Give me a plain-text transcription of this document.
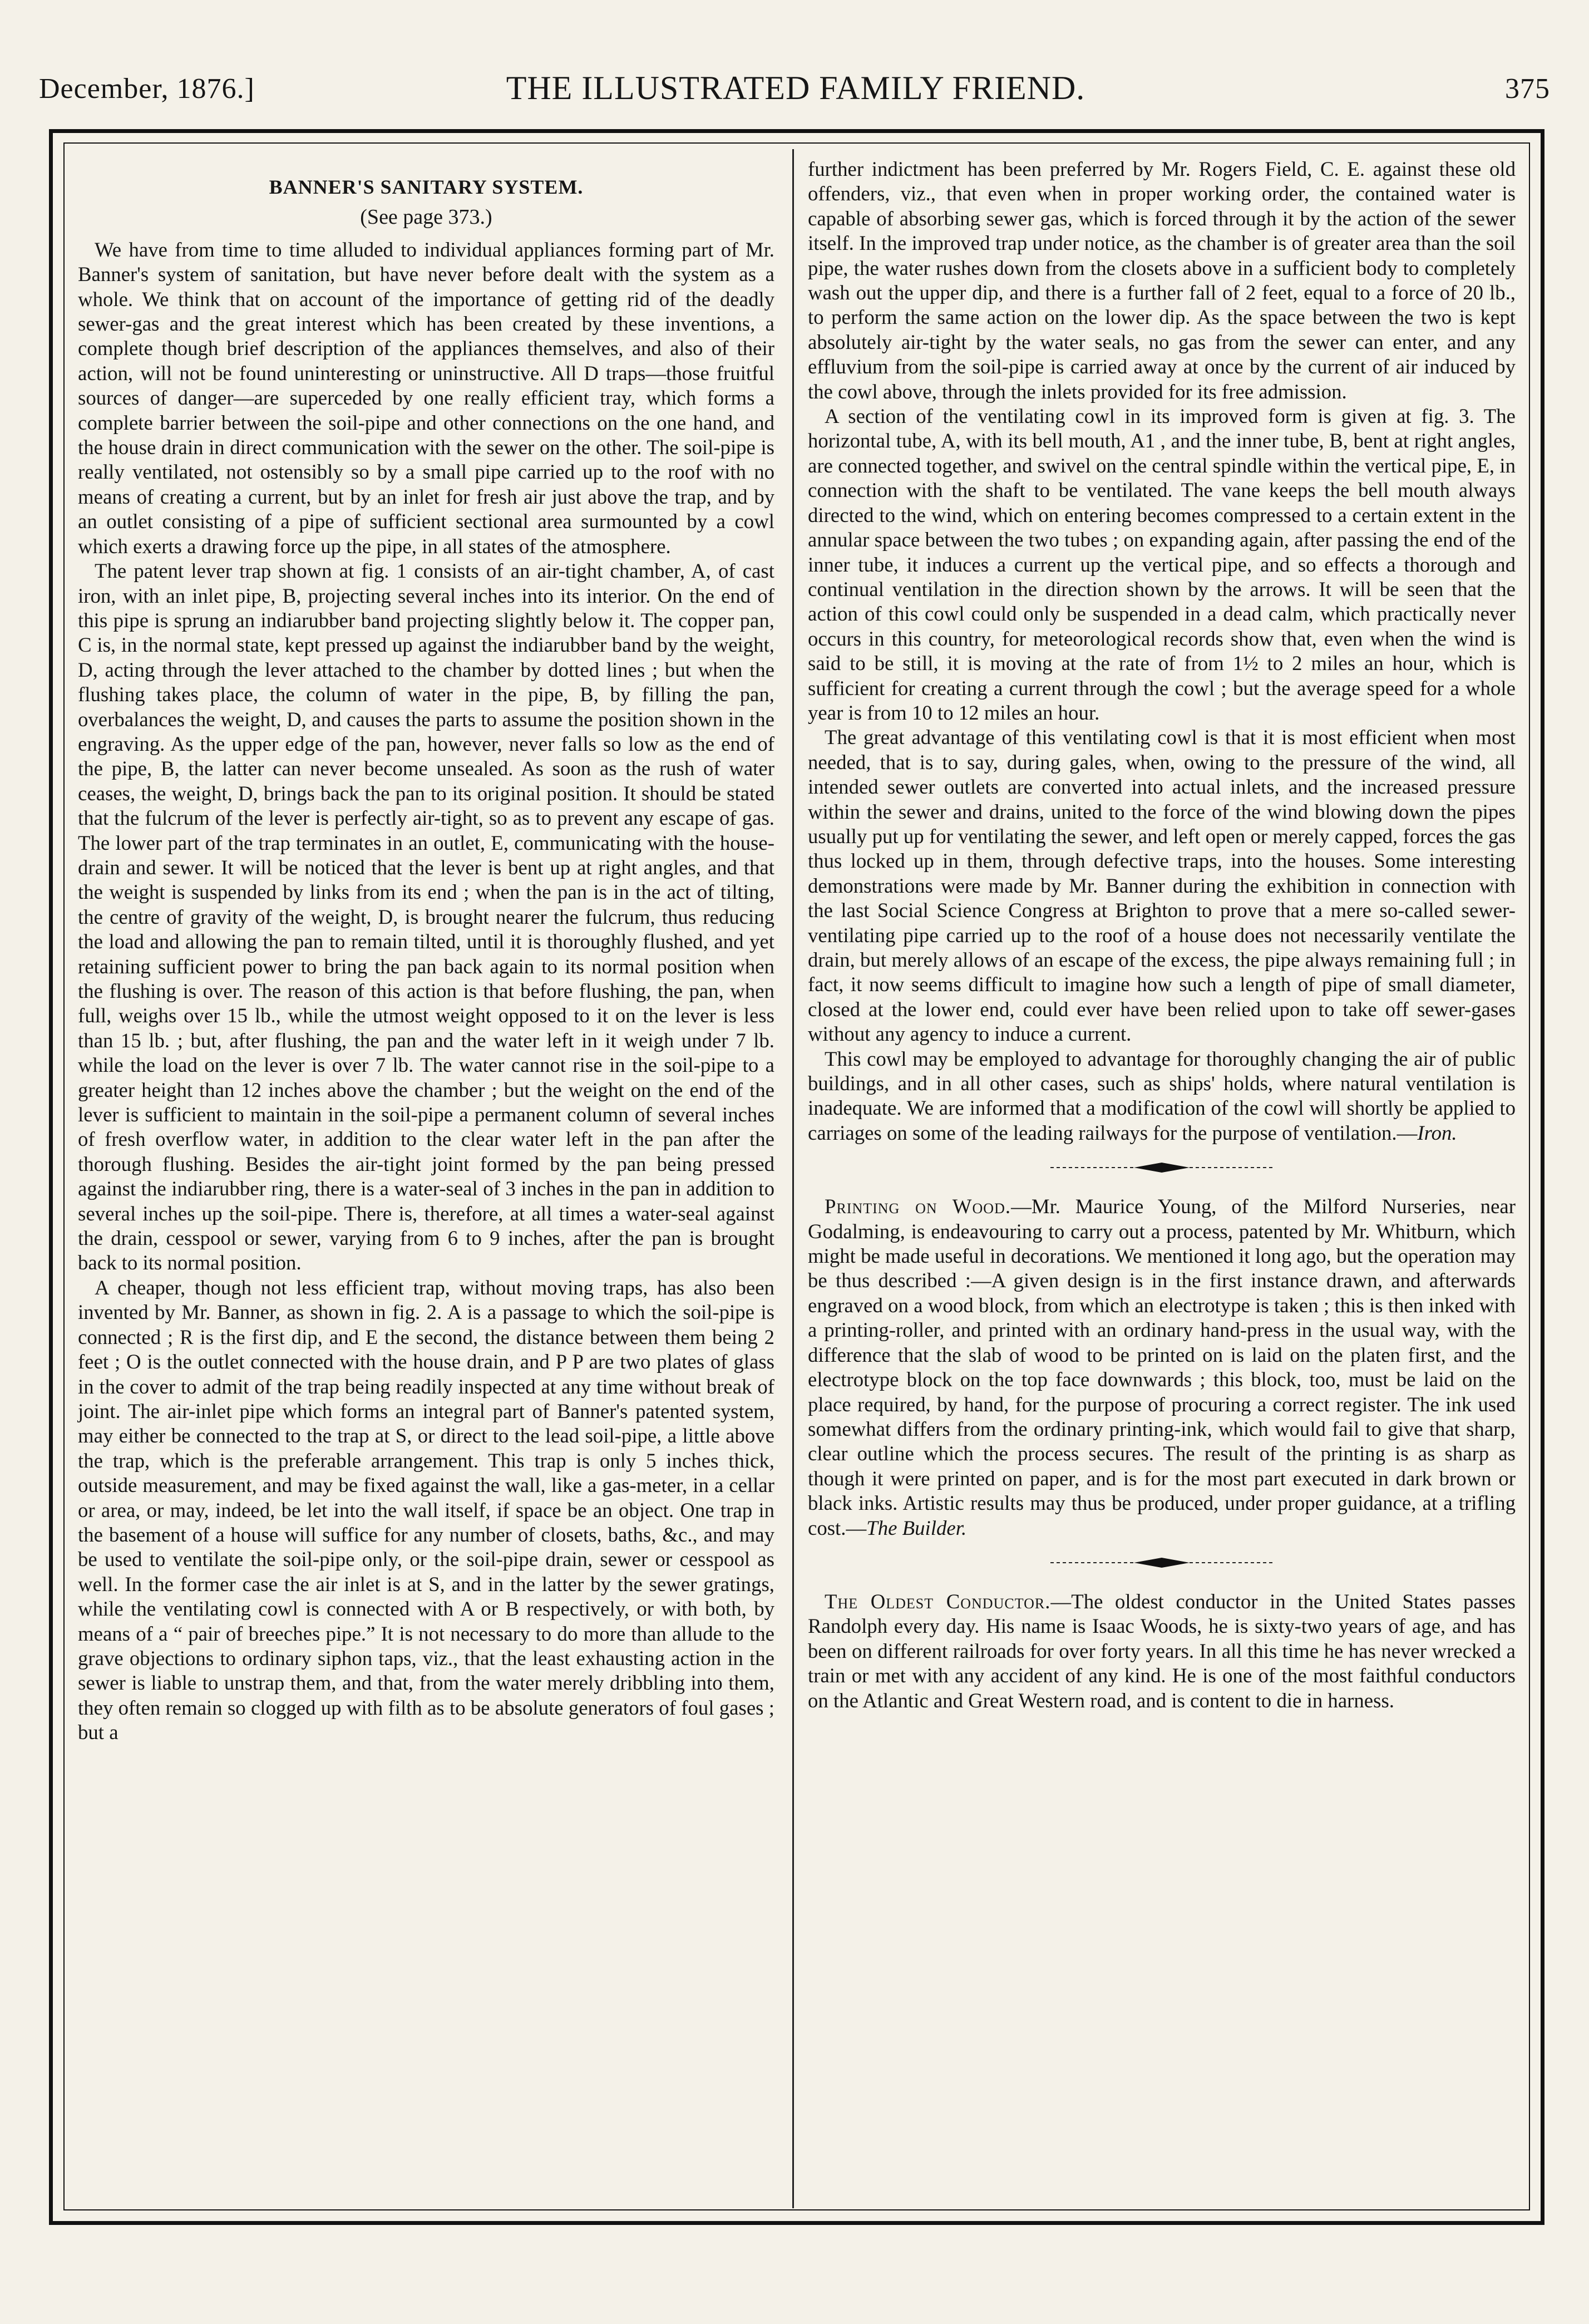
December, 1876.]	THE ILLUSTRATED FAMILY FRIEND.	375
BANNER'S SANITARY SYSTEM.
(See page 373.)

We have from time to time alluded to individual appliances forming part of Mr. Banner's system of sanitation, but have never before dealt with the system as a whole. We think that on account of the importance of getting rid of the deadly sewer-gas and the great interest which has been created by these inventions, a complete though brief description of the appliances themselves, and also of their action, will not be found uninteresting or uninstructive. All D traps—those fruitful sources of danger—are superceded by one really efficient tray, which forms a complete barrier between the soil-pipe and other connections on the one hand, and the house drain in direct communication with the sewer on the other. The soil-pipe is really ventilated, not ostensibly so by a small pipe carried up to the roof with no means of creating a current, but by an inlet for fresh air just above the trap, and by an outlet consisting of a pipe of sufficient sectional area surmounted by a cowl which exerts a drawing force up the pipe, in all states of the atmosphere.

The patent lever trap shown at fig. 1 consists of an air-tight chamber, A, of cast iron, with an inlet pipe, B, projecting several inches into its interior. On the end of this pipe is sprung an indiarubber band projecting slightly below it. The copper pan, C is, in the normal state, kept pressed up against the indiarubber band by the weight, D, acting through the lever attached to the chamber by dotted lines ; but when the flushing takes place, the column of water in the pipe, B, by filling the pan, overbalances the weight, D, and causes the parts to assume the position shown in the engraving. As the upper edge of the pan, however, never falls so low as the end of the pipe, B, the latter can never become unsealed. As soon as the rush of water ceases, the weight, D, brings back the pan to its original position. It should be stated that the fulcrum of the lever is perfectly air-tight, so as to prevent any escape of gas. The lower part of the trap terminates in an outlet, E, communicating with the house-drain and sewer. It will be noticed that the lever is bent up at right angles, and that the weight is suspended by links from its end ; when the pan is in the act of tilting, the centre of gravity of the weight, D, is brought nearer the fulcrum, thus reducing the load and allowing the pan to remain tilted, until it is thoroughly flushed, and yet retaining sufficient power to bring the pan back again to its normal position when the flushing is over. The reason of this action is that before flushing, the pan, when full, weighs over 15 lb., while the utmost weight opposed to it on the lever is less than 15 lb. ; but, after flushing, the pan and the water left in it weigh under 7 lb. while the load on the lever is over 7 lb. The water cannot rise in the soil-pipe to a greater height than 12 inches above the chamber ; but the weight on the end of the lever is sufficient to maintain in the soil-pipe a permanent column of several inches of fresh overflow water, in addition to the clear water left in the pan after the thorough flushing. Besides the air-tight joint formed by the pan being pressed against the indiarubber ring, there is a water-seal of 3 inches in the pan in addition to several inches up the soil-pipe. There is, therefore, at all times a water-seal against the drain, cesspool or sewer, varying from 6 to 9 inches, after the pan is brought back to its normal position.

A cheaper, though not less efficient trap, without moving traps, has also been invented by Mr. Banner, as shown in fig. 2. A is a passage to which the soil-pipe is connected ; R is the first dip, and E the second, the distance between them being 2 feet ; O is the outlet connected with the house drain, and P P are two plates of glass in the cover to admit of the trap being readily inspected at any time without break of joint. The air-inlet pipe which forms an integral part of Banner's patented system, may either be connected to the trap at S, or direct to the lead soil-pipe, a little above the trap, which is the preferable arrangement. This trap is only 5 inches thick, outside measurement, and may be fixed against the wall, like a gas-meter, in a cellar or area, or may, indeed, be let into the wall itself, if space be an object. One trap in the basement of a house will suffice for any number of closets, baths, &c., and may be used to ventilate the soil-pipe only, or the soil-pipe drain, sewer or cesspool as well. In the former case the air inlet is at S, and in the latter by the sewer gratings, while the ventilating cowl is connected with A or B respectively, or with both, by means of a “ pair of breeches pipe.” It is not necessary to do more than allude to the grave objections to ordinary siphon taps, viz., that the least exhausting action in the sewer is liable to unstrap them, and that, from the water merely dribbling into them, they often remain so clogged up with filth as to be absolute generators of foul gases ; but a

further indictment has been preferred by Mr. Rogers Field, C. E. against these old offenders, viz., that even when in proper working order, the contained water is capable of absorbing sewer gas, which is forced through it by the action of the sewer itself. In the improved trap under notice, as the chamber is of greater area than the soil pipe, the water rushes down from the closets above in a sufficient body to completely wash out the upper dip, and there is a further fall of 2 feet, equal to a force of 20 lb., to perform the same action on the lower dip. As the space between the two is kept absolutely air-tight by the water seals, no gas from the sewer can enter, and any effluvium from the soil-pipe is carried away at once by the current of air induced by the cowl above, through the inlets provided for its free admission.

A section of the ventilating cowl in its improved form is given at fig. 3. The horizontal tube, A, with its bell mouth, A1 , and the inner tube, B, bent at right angles, are connected together, and swivel on the central spindle within the vertical pipe, E, in connection with the shaft to be ventilated. The vane keeps the bell mouth always directed to the wind, which on entering becomes compressed to a certain extent in the annular space between the two tubes ; on expanding again, after passing the end of the inner tube, it induces a current up the vertical pipe, and so effects a thorough and continual ventilation in the direction shown by the arrows. It will be seen that the action of this cowl could only be suspended in a dead calm, which practically never occurs in this country, for meteorological records show that, even when the wind is said to be still, it is moving at the rate of from 1½ to 2 miles an hour, which is sufficient for creating a current through the cowl ; but the average speed for a whole year is from 10 to 12 miles an hour.

The great advantage of this ventilating cowl is that it is most efficient when most needed, that is to say, during gales, when, owing to the pressure of the wind, all intended sewer outlets are converted into actual inlets, and the increased pressure within the sewer and drains, united to the force of the wind blowing down the pipes usually put up for ventilating the sewer, and left open or merely capped, forces the gas thus locked up in them, through defective traps, into the houses. Some interesting demonstrations were made by Mr. Banner during the exhibition in connection with the last Social Science Congress at Brighton to prove that a mere so-called sewer-ventilating pipe carried up to the roof of a house does not necessarily ventilate the drain, but merely allows of an escape of the excess, the pipe always remaining full ; in fact, it now seems difficult to imagine how such a length of pipe of small diameter, closed at the lower end, could ever have been relied upon to take off sewer-gases without any agency to induce a current.

This cowl may be employed to advantage for thoroughly changing the air of public buildings, and in all other cases, such as ships' holds, where natural ventilation is inadequate. We are informed that a modification of the cowl will shortly be applied to carriages on some of the leading railways for the purpose of ventilation.—Iron.

Printing on Wood.—Mr. Maurice Young, of the Milford Nurseries, near Godalming, is endeavouring to carry out a process, patented by Mr. Whitburn, which might be made useful in decorations. We mentioned it long ago, but the operation may be thus described :—A given design is in the first instance drawn, and afterwards engraved on a wood block, from which an electrotype is taken ; this is then inked with a printing-roller, and printed with an ordinary hand-press in the usual way, with the difference that the slab of wood to be printed on is laid on the platen first, and the electrotype block on the top face downwards ; this block, too, must be laid on the place required, by hand, for the purpose of procuring a correct register. The ink used somewhat differs from the ordinary printing-ink, which would fail to give that sharp, clear outline which the process secures. The result of the printing is as sharp as though it were printed on paper, and is for the most part executed in dark brown or black inks. Artistic results may thus be produced, under proper guidance, at a trifling cost.—The Builder.

The Oldest Conductor.—The oldest conductor in the United States passes Randolph every day. His name is Isaac Woods, he is sixty-two years of age, and has been on different railroads for over forty years. In all this time he has never wrecked a train or met with any accident of any kind. He is one of the most faithful conductors on the Atlantic and Great Western road, and is content to die in harness.
